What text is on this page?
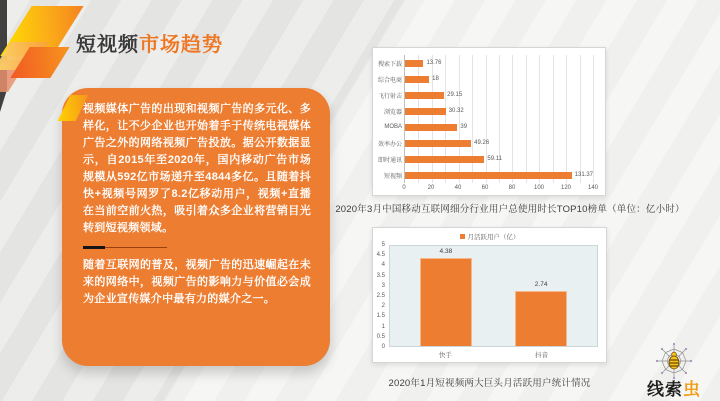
短视频市场趋势

视频媒体广告的出现和视频广告的多元化、多样化，让不少企业也开始着手于传统电视媒体广告之外的网络视频广告投放。据公开数据显示，自2015年至2020年，国内移动广告市场规模从592亿市场递升至4844多亿。且随着抖快+视频号网罗了8.2亿移动用户，视频+直播在当前空前火热，吸引着众多企业将营销目光转到短视频领域。

随着互联网的普及，视频广告的迅速崛起在未来的网络中，视频广告的影响力与价值必会成为企业宣传媒介中最有力的媒介之一。

搜索下载	13.76
综合电商	18
飞行射击	29.15
浏览器	30.32
MOBA	39
效率办公	49.26
即时通讯	59.11
短视频	131.37
0	20	40	60	80	100	120	140
2020年3月中国移动互联网细分行业用户总使用时长TOP10榜单（单位：亿小时）
月活跃用户（亿）
0
0.5
1
1.5
2
2.5
3
3.5
4
4.5
5
4.38
2.74
快手	抖音
2020年1月短视频两大巨头月活跃用户统计情况	线索虫
